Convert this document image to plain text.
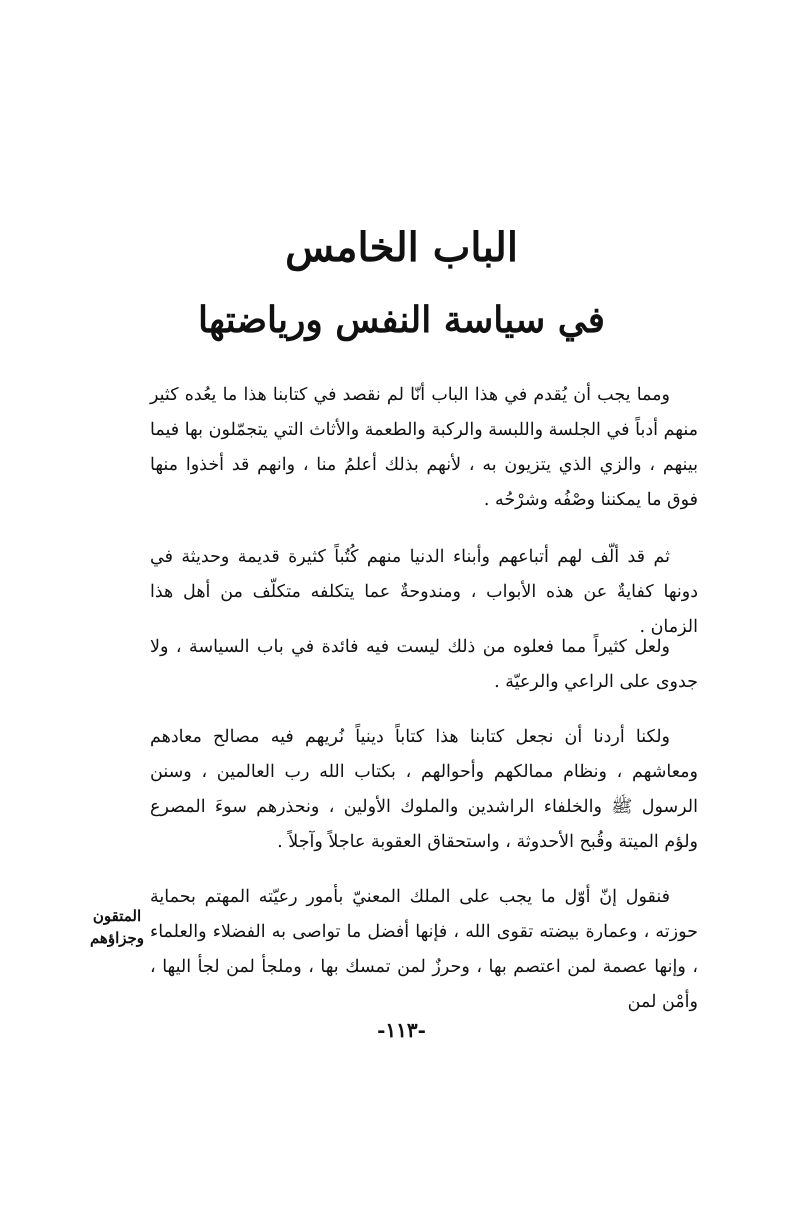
الباب الخامس
في سياسة النفس ورياضتها

ومما يجب أن يُقدم في هذا الباب أنّا لم نقصد في كتابنا هذا ما يعُده كثير منهم أدباً في الجلسة واللبسة والركبة والطعمة والأثاث التي يتجمّلون بها فيما بينهم ، والزي الذي يتزيون به ، لأنهم بذلك أعلمُ منا ، وانهم قد أخذوا منها فوق ما يمكننا وصْفُه وشرْحُه .

ثم قد ألّف لهم أتباعهم وأبناء الدنيا منهم كُتُباً كثيرة قديمة وحديثة في دونها كفايةٌ عن هذه الأبواب ، ومندوحةٌ عما يتكلفه متكلّف من أهل هذا الزمان .

ولعل كثيراً مما فعلوه من ذلك ليست فيه فائدة في باب السياسة ، ولا جدوى على الراعي والرعيّة .

ولكنا أردنا أن نجعل كتابنا هذا كتاباً دينياً نُريهم فيه مصالح معادهم ومعاشهم ، ونظام ممالكهم وأحوالهم ، بكتاب الله رب العالمين ، وسنن الرسول ﷺ والخلفاء الراشدين والملوك الأولين ، ونحذرهم سوءَ المصرع ولؤم الميتة وقُبح الأحدوثة ، واستحقاق العقوبة عاجلاً وآجلاً .

فنقول إنّ أوّل ما يجب على الملك المعنيّ بأمور رعيّته المهتم بحماية حوزته ، وعمارة بيضته تقوى الله ، فإنها أفضل ما تواصى به الفضلاء والعلماء ، وإنها عصمة لمن اعتصم بها ، وحرزٌ لمن تمسك بها ، وملجأ لمن لجأ اليها ، وأمْن لمن

المتقون
وجزاؤهم
-١١٣-
